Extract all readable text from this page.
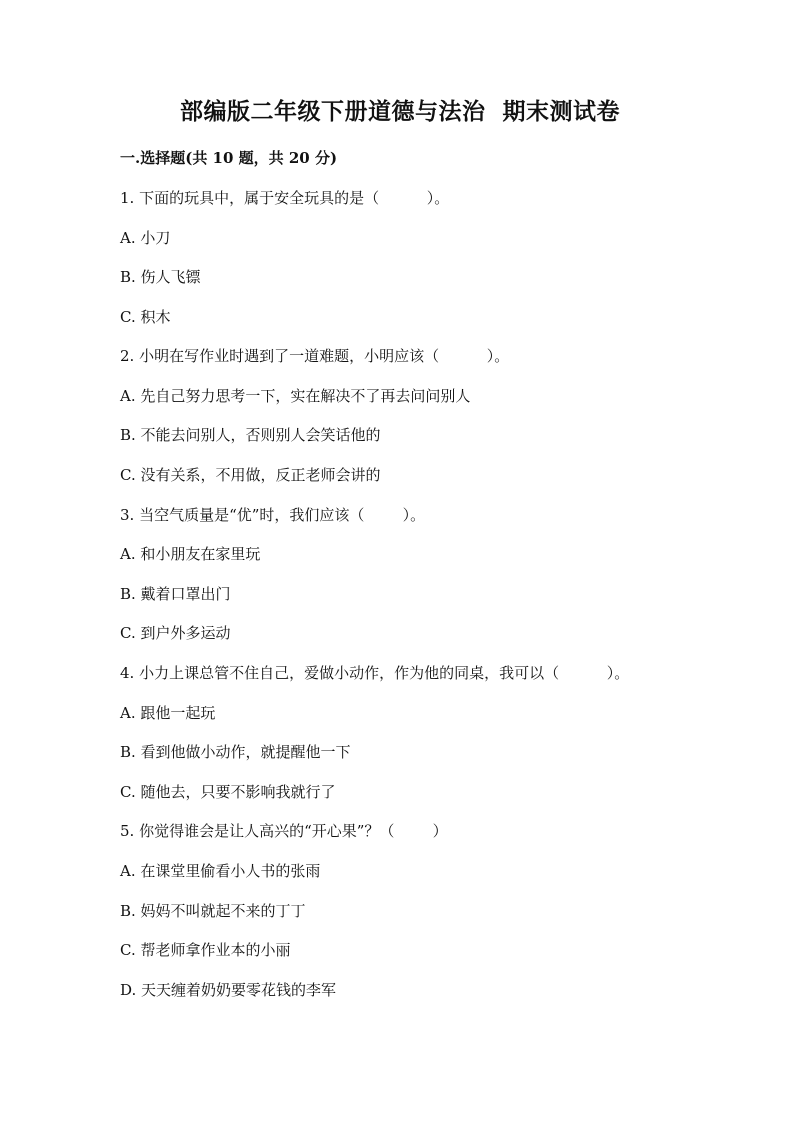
部编版二年级下册道德与法治  期末测试卷
一.选择题(共 10 题，共 20 分)
1. 下面的玩具中，属于安全玩具的是（          ）。
A. 小刀
B. 伤人飞镖
C. 积木
2. 小明在写作业时遇到了一道难题，小明应该（          ）。
A. 先自己努力思考一下，实在解决不了再去问问别人
B. 不能去问别人，否则别人会笑话他的
C. 没有关系，不用做，反正老师会讲的
3. 当空气质量是“优”时，我们应该（        ）。
A. 和小朋友在家里玩
B. 戴着口罩出门
C. 到户外多运动
4. 小力上课总管不住自己，爱做小动作，作为他的同桌，我可以（          ）。
A. 跟他一起玩
B. 看到他做小动作，就提醒他一下
C. 随他去，只要不影响我就行了
5. 你觉得谁会是让人高兴的“开心果”？（        ）
A. 在课堂里偷看小人书的张雨
B. 妈妈不叫就起不来的丁丁
C. 帮老师拿作业本的小丽
D. 天天缠着奶奶要零花钱的李军
